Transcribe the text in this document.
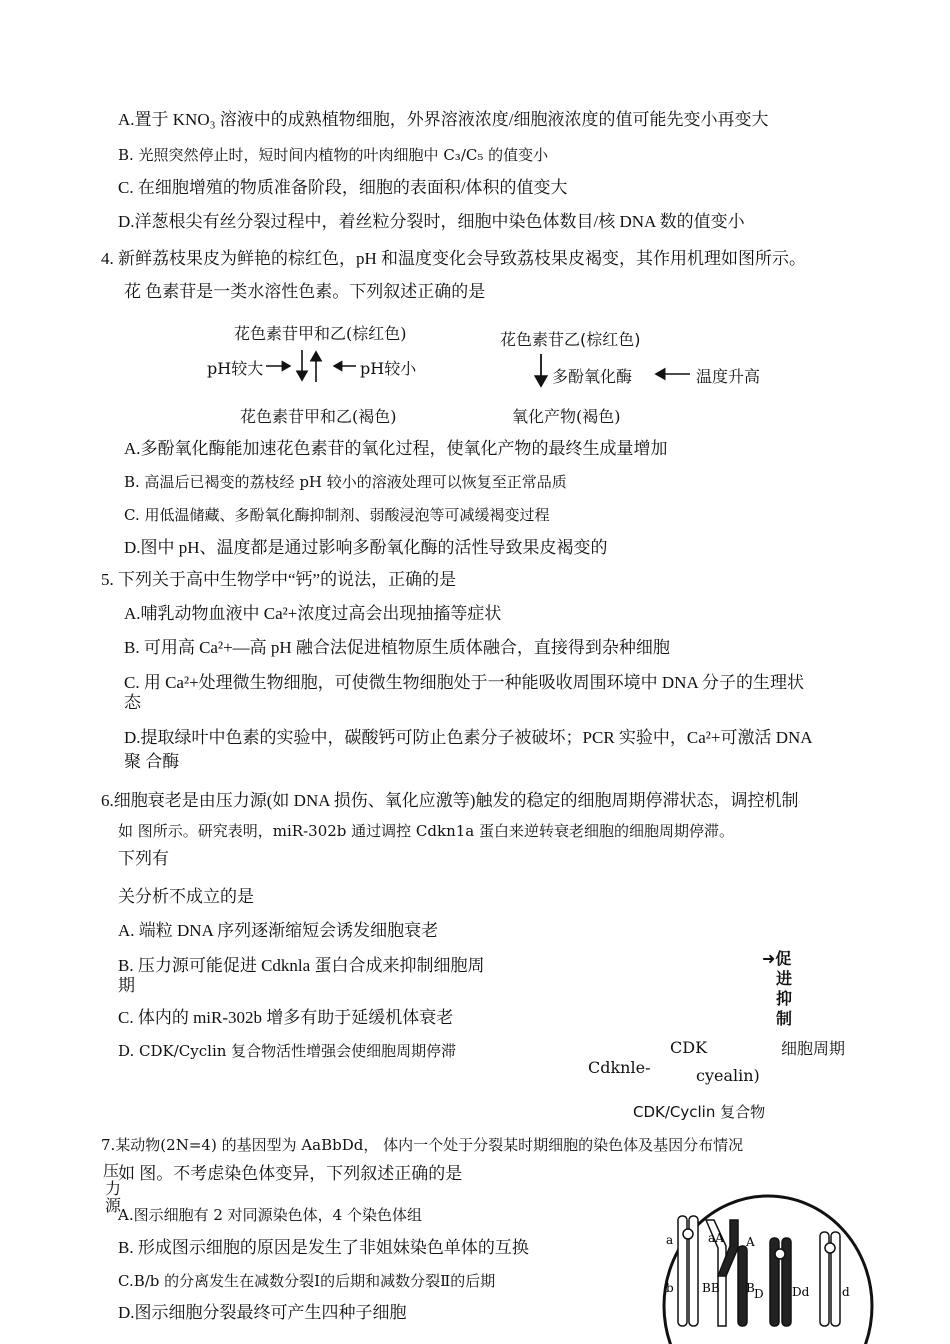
A.置于 KNO₃ 溶液中的成熟植物细胞，外界溶液浓度/细胞液浓度的值可能先变小再变大
B. 光照突然停止时，短时间内植物的叶肉细胞中 C₃/C₅ 的值变小
C. 在细胞增殖的物质准备阶段，细胞的表面积/体积的值变大
D.洋葱根尖有丝分裂过程中，着丝粒分裂时，细胞中染色体数目/核 DNA 数的值变小
4. 新鲜荔枝果皮为鲜艳的棕红色，pH 和温度变化会导致荔枝果皮褐变，其作用机理如图所示。
花 色素苷是一类水溶性色素。下列叙述正确的是
花色素苷甲和乙(棕红色)
pH较大	pH较小
花色素苷甲和乙(褐色)
花色素苷乙(棕红色)
多酚氧化酶	温度升高
氧化产物(褐色)
A.多酚氧化酶能加速花色素苷的氧化过程，使氧化产物的最终生成量增加
B. 高温后已褐变的荔枝经 pH 较小的溶液处理可以恢复至正常品质
C. 用低温储藏、多酚氧化酶抑制剂、弱酸浸泡等可减缓褐变过程
D.图中 pH、温度都是通过影响多酚氧化酶的活性导致果皮褐变的
5. 下列关于高中生物学中“钙”的说法，正确的是
A.哺乳动物血液中 Ca²+浓度过高会出现抽搐等症状
B. 可用高 Ca²+—高 pH 融合法促进植物原生质体融合，直接得到杂种细胞
C. 用 Ca²+处理微生物细胞，可使微生物细胞处于一种能吸收周围环境中 DNA 分子的生理状
态
D.提取绿叶中色素的实验中，碳酸钙可防止色素分子被破坏；PCR 实验中，Ca²+可激活 DNA
聚 合酶
6.细胞衰老是由压力源(如 DNA 损伤、氧化应激等)触发的稳定的细胞周期停滞状态，调控机制
如 图所示。研究表明，miR-302b 通过调控 Cdkn1a 蛋白来逆转衰老细胞的细胞周期停滞。
下列有
关分析不成立的是
A. 端粒 DNA 序列逐渐缩短会诱发细胞衰老
B. 压力源可能促进 Cdknla 蛋白合成来抑制细胞周
期
C. 体内的 miR-302b 增多有助于延缓机体衰老
D. CDK/Cyclin 复合物活性增强会使细胞周期停滞
➜促
进
抑
制
CDK	细胞周期
Cdknle-	cyealin)
CDK/Cyclin 复合物
7.某动物(2N=4) 的基因型为 AaBbDd， 体内一个处于分裂某时期细胞的染色体及基因分布情况
如 图。不考虑染色体变异，下列叙述正确的是
压
力
源
A.图示细胞有 2 对同源染色体，4 个染色体组
B. 形成图示细胞的原因是发生了非姐妹染色单体的互换
C.B/b 的分离发生在减数分裂Ⅰ的后期和减数分裂Ⅱ的后期
D.图示细胞分裂最终可产生四种子细胞
a	aA A
b BB B D Dd	d
